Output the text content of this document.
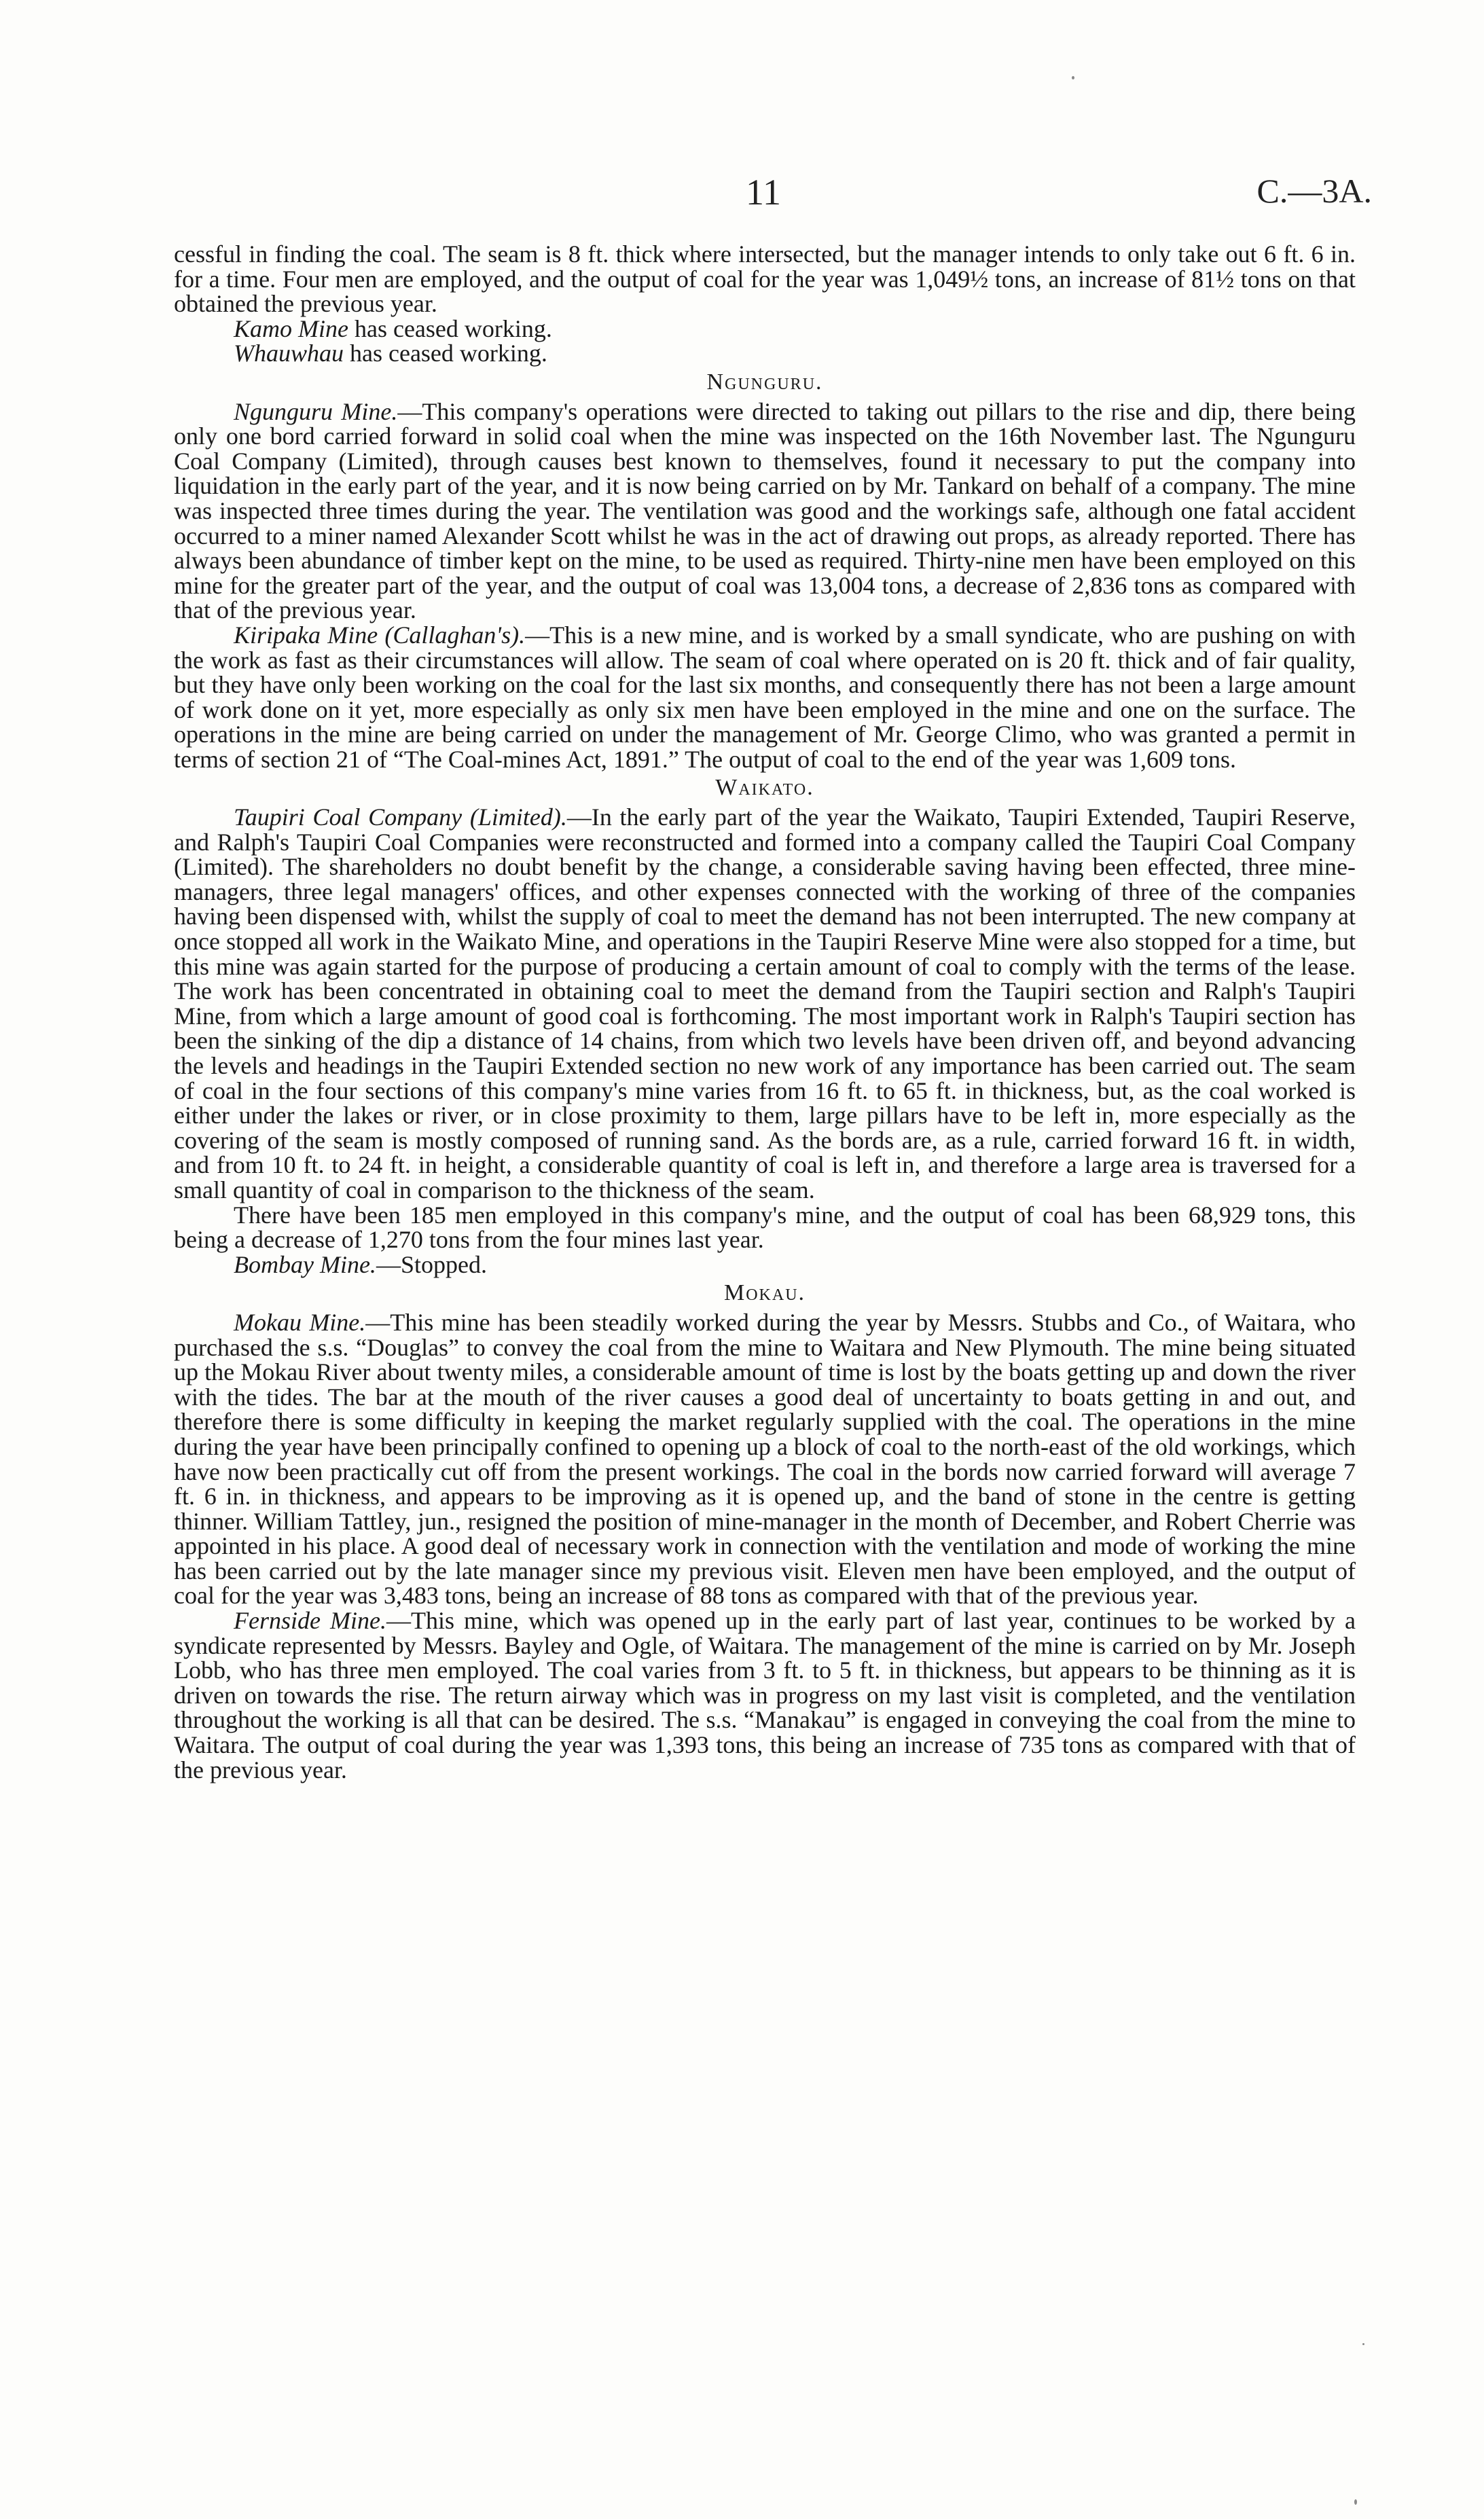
11	C.—3A.

cessful in finding the coal. The seam is 8 ft. thick where intersected, but the manager intends to only take out 6 ft. 6 in. for a time. Four men are employed, and the output of coal for the year was 1,049½ tons, an increase of 81½ tons on that obtained the previous year.

Kamo Mine has ceased working.

Whauwhau has ceased working.

Ngunguru.

Ngunguru Mine.—This company's operations were directed to taking out pillars to the rise and dip, there being only one bord carried forward in solid coal when the mine was inspected on the 16th November last. The Ngunguru Coal Company (Limited), through causes best known to themselves, found it necessary to put the company into liquidation in the early part of the year, and it is now being carried on by Mr. Tankard on behalf of a company. The mine was inspected three times during the year. The ventilation was good and the workings safe, although one fatal accident occurred to a miner named Alexander Scott whilst he was in the act of drawing out props, as already reported. There has always been abundance of timber kept on the mine, to be used as required. Thirty-nine men have been employed on this mine for the greater part of the year, and the output of coal was 13,004 tons, a decrease of 2,836 tons as compared with that of the previous year.

Kiripaka Mine (Callaghan's).—This is a new mine, and is worked by a small syndicate, who are pushing on with the work as fast as their circumstances will allow. The seam of coal where operated on is 20 ft. thick and of fair quality, but they have only been working on the coal for the last six months, and consequently there has not been a large amount of work done on it yet, more especially as only six men have been employed in the mine and one on the surface. The operations in the mine are being carried on under the management of Mr. George Climo, who was granted a permit in terms of section 21 of “The Coal-mines Act, 1891.” The output of coal to the end of the year was 1,609 tons.

Waikato.

Taupiri Coal Company (Limited).—In the early part of the year the Waikato, Taupiri Extended, Taupiri Reserve, and Ralph's Taupiri Coal Companies were reconstructed and formed into a company called the Taupiri Coal Company (Limited). The shareholders no doubt benefit by the change, a considerable saving having been effected, three mine-managers, three legal managers' offices, and other expenses connected with the working of three of the companies having been dispensed with, whilst the supply of coal to meet the demand has not been interrupted. The new company at once stopped all work in the Waikato Mine, and operations in the Taupiri Reserve Mine were also stopped for a time, but this mine was again started for the purpose of producing a certain amount of coal to comply with the terms of the lease. The work has been concentrated in obtaining coal to meet the demand from the Taupiri section and Ralph's Taupiri Mine, from which a large amount of good coal is forthcoming. The most important work in Ralph's Taupiri section has been the sinking of the dip a distance of 14 chains, from which two levels have been driven off, and beyond advancing the levels and headings in the Taupiri Extended section no new work of any importance has been carried out. The seam of coal in the four sections of this company's mine varies from 16 ft. to 65 ft. in thickness, but, as the coal worked is either under the lakes or river, or in close proximity to them, large pillars have to be left in, more especially as the covering of the seam is mostly composed of running sand. As the bords are, as a rule, carried forward 16 ft. in width, and from 10 ft. to 24 ft. in height, a considerable quantity of coal is left in, and therefore a large area is traversed for a small quantity of coal in comparison to the thickness of the seam.

There have been 185 men employed in this company's mine, and the output of coal has been 68,929 tons, this being a decrease of 1,270 tons from the four mines last year.

Bombay Mine.—Stopped.

Mokau.

Mokau Mine.—This mine has been steadily worked during the year by Messrs. Stubbs and Co., of Waitara, who purchased the s.s. “Douglas” to convey the coal from the mine to Waitara and New Plymouth. The mine being situated up the Mokau River about twenty miles, a considerable amount of time is lost by the boats getting up and down the river with the tides. The bar at the mouth of the river causes a good deal of uncertainty to boats getting in and out, and therefore there is some difficulty in keeping the market regularly supplied with the coal. The operations in the mine during the year have been principally confined to opening up a block of coal to the north-east of the old workings, which have now been practically cut off from the present workings. The coal in the bords now carried forward will average 7 ft. 6 in. in thickness, and appears to be improving as it is opened up, and the band of stone in the centre is getting thinner. William Tattley, jun., resigned the position of mine-manager in the month of December, and Robert Cherrie was appointed in his place. A good deal of necessary work in connection with the ventilation and mode of working the mine has been carried out by the late manager since my previous visit. Eleven men have been employed, and the output of coal for the year was 3,483 tons, being an increase of 88 tons as compared with that of the previous year.

Fernside Mine.—This mine, which was opened up in the early part of last year, continues to be worked by a syndicate represented by Messrs. Bayley and Ogle, of Waitara. The management of the mine is carried on by Mr. Joseph Lobb, who has three men employed. The coal varies from 3 ft. to 5 ft. in thickness, but appears to be thinning as it is driven on towards the rise. The return airway which was in progress on my last visit is completed, and the ventilation throughout the working is all that can be desired. The s.s. “Manakau” is engaged in conveying the coal from the mine to Waitara. The output of coal during the year was 1,393 tons, this being an increase of 735 tons as compared with that of the previous year.
